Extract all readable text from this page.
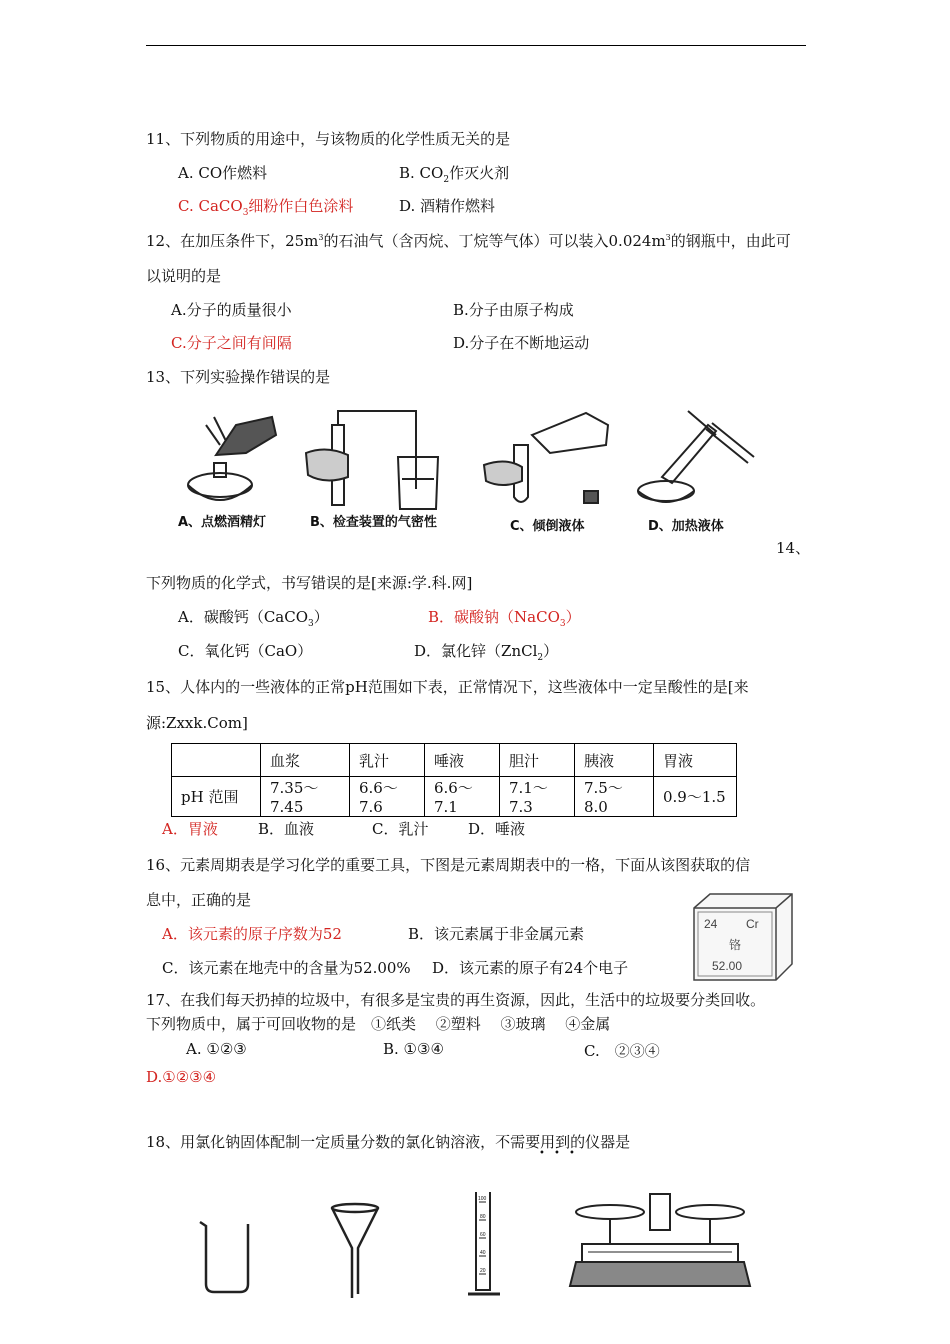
11、下列物质的用途中，与该物质的化学性质无关的是
A. CO作燃料	B. $CO_2$作灭火剂
C. CaCO$_3$细粉作白色涂料	D. 酒精作燃料
12、在加压条件下，$25m^3$的石油气（含丙烷、丁烷等气体）可以装入$0.024m^3$的钢瓶中，由此可
以说明的是
A.分子的质量很小	B.分子由原子构成
C.分子之间有间隔	D.分子在不断地运动
13、下列实验操作错误的是
A、点燃酒精灯	B、检查装置的气密性	C、倾倒液体	D、加热液体
14、
下列物质的化学式，书写错误的是[来源:学.科.网]
A．碳酸钙（CaCO$_3$）	B．碳酸钠（NaCO$_3$）
C．氧化钙（CaO）	D．氯化锌（ZnCl$_2$）
15、人体内的一些液体的正常pH范围如下表，正常情况下，这些液体中一定呈酸性的是[来
源:Zxxk.Com]
	血浆	乳汁	唾液	胆汁	胰液	胃液
pH 范围	7.35～7.45	6.6～7.6	6.6～7.1	7.1～7.3	7.5～8.0	0.9～1.5
A．胃液	B．血液	C．乳汁	D．唾液
16、元素周期表是学习化学的重要工具，下图是元素周期表中的一格，下面从该图获取的信
息中，正确的是
A．该元素的原子序数为52	B．该元素属于非金属元素
C．该元素在地壳中的含量为52.00% D．该元素的原子有24个电子
24 Cr
铬
52.00
17、在我们每天扔掉的垃圾中，有很多是宝贵的再生资源，因此，生活中的垃圾要分类回收。
下列物质中，属于可回收物的是　①纸类　 ②塑料　 ③玻璃　 ④金属
A. ①②③	B. ①③④	C.　②③④
D.①②③④
18、用氯化钠固体配制一定质量分数的氯化钠溶液，不需要用到的仪器是
• • •
100
80
60
40
20
